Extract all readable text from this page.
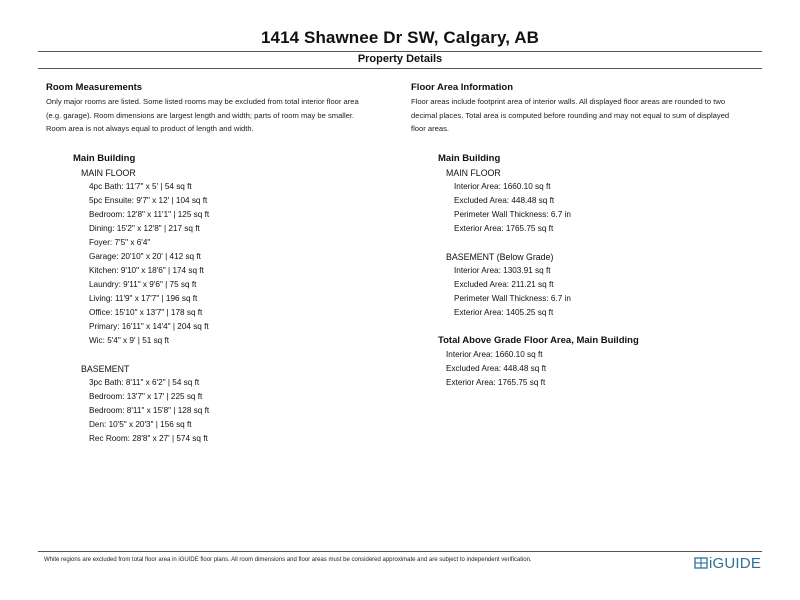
1414 Shawnee Dr SW, Calgary, AB
Property Details
Room Measurements

Only major rooms are listed. Some listed rooms may be excluded from total interior floor area

(e.g. garage). Room dimensions are largest length and width; parts of room may be smaller.

Room area is not always equal to product of length and width.

Main Building
MAIN FLOOR
4pc Bath: 11'7" x 5' | 54 sq ft
5pc Ensuite: 9'7" x 12' | 104 sq ft
Bedroom: 12'8" x 11'1" | 125 sq ft
Dining: 15'2" x 12'8" | 217 sq ft
Foyer: 7'5" x 6'4"
Garage: 20'10" x 20' | 412 sq ft
Kitchen: 9'10" x 18'6" | 174 sq ft
Laundry: 9'11" x 9'6" | 75 sq ft
Living: 11'9" x 17'7" | 196 sq ft
Office: 15'10" x 13'7" | 178 sq ft
Primary: 16'11" x 14'4" | 204 sq ft
Wic: 5'4" x 9' | 51 sq ft
BASEMENT
3pc Bath: 8'11" x 6'2" | 54 sq ft
Bedroom: 13'7" x 17' | 225 sq ft
Bedroom: 8'11" x 15'8" | 128 sq ft
Den: 10'5" x 20'3" | 156 sq ft
Rec Room: 28'8" x 27' | 574 sq ft
Floor Area Information

Floor areas include footprint area of interior walls. All displayed floor areas are rounded to two

decimal places. Total area is computed before rounding and may not equal to sum of displayed

floor areas.

Main Building
MAIN FLOOR
Interior Area: 1660.10 sq ft
Excluded Area: 448.48 sq ft
Perimeter Wall Thickness: 6.7 in
Exterior Area: 1765.75 sq ft
BASEMENT (Below Grade)
Interior Area: 1303.91 sq ft
Excluded Area: 211.21 sq ft
Perimeter Wall Thickness: 6.7 in
Exterior Area: 1405.25 sq ft
Total Above Grade Floor Area, Main Building
Interior Area: 1660.10 sq ft
Excluded Area: 448.48 sq ft
Exterior Area: 1765.75 sq ft
White regions are excluded from total floor area in iGUIDE floor plans. All room dimensions and floor areas must be considered approximate and are subject to independent verification.	iGUIDE
